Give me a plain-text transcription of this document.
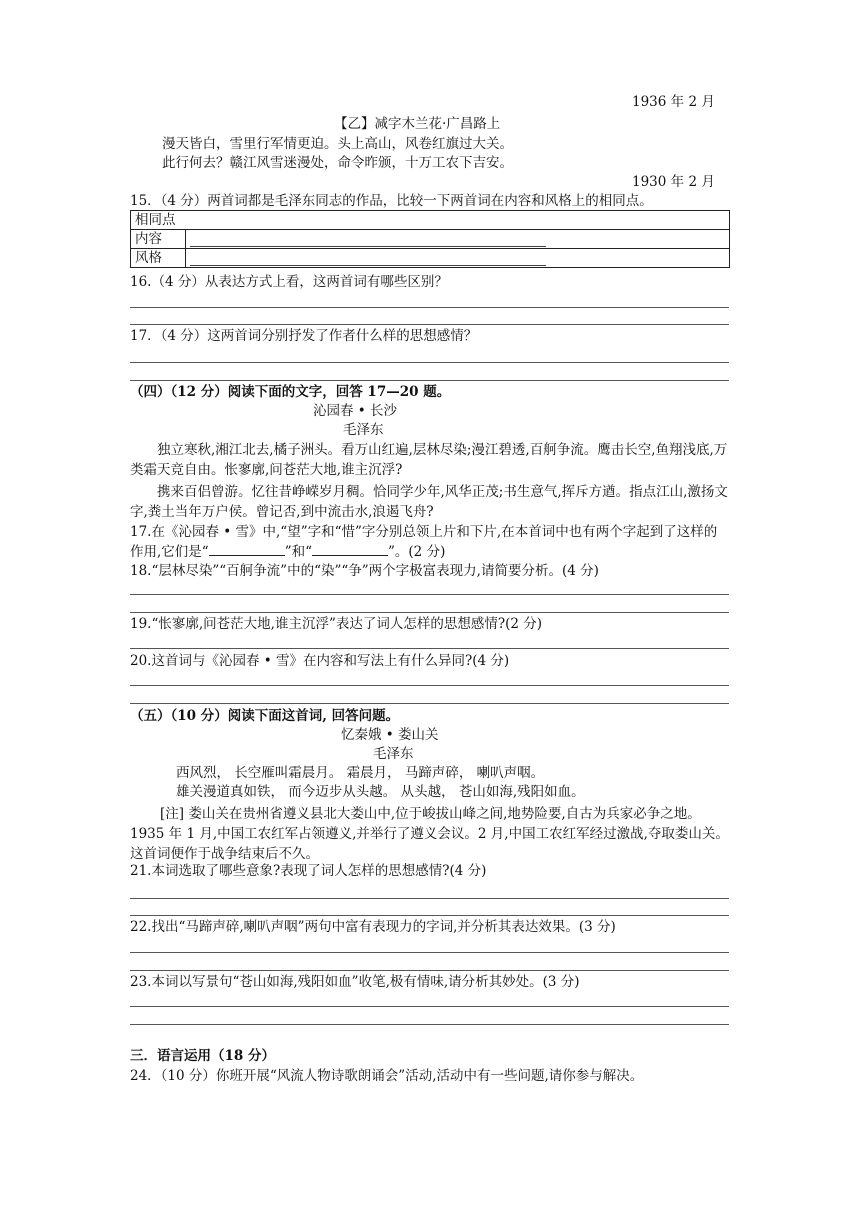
1936 年 2 月
【乙】减字木兰花·广昌路上
漫天皆白，雪里行军情更迫。头上高山，风卷红旗过大关。
此行何去？赣江风雪迷漫处，命令昨颁，十万工农下吉安。
1930 年 2 月
15．（4 分）两首词都是毛泽东同志的作品，比较一下两首词在内容和风格上的相同点。
相同点	
内容	
风格	
16.（4 分）从表达方式上看，这两首词有哪些区别？
17．（4 分）这两首词分别抒发了作者什么样的思想感情？
（四）（12 分）阅读下面的文字，回答 17—20 题。
沁园春 • 长沙
毛泽东
独立寒秋,湘江北去,橘子洲头。看万山红遍,层林尽染;漫江碧透,百舸争流。鹰击长空,鱼翔浅底,万类霜天竞自由。怅寥廓,问苍茫大地,谁主沉浮?
携来百侣曾游。忆往昔峥嵘岁月稠。恰同学少年,风华正茂;书生意气,挥斥方遒。指点江山,激扬文字,粪土当年万户侯。曾记否,到中流击水,浪遏飞舟?
17.在《沁园春 • 雪》中,“望”字和“惜”字分别总领上片和下片,在本首词中也有两个字起到了这样的作用,它们是“	”和“	”。(2 分)
18.“层林尽染”“百舸争流”中的“染”“争”两个字极富表现力,请简要分析。(4 分)
19.“怅寥廓,问苍茫大地,谁主沉浮”表达了词人怎样的思想感情?(2 分)
20.这首词与《沁园春 • 雪》在内容和写法上有什么异同?(4 分)
（五）（10 分）阅读下面这首词, 回答问题。
忆秦娥 • 娄山关
毛泽东
西风烈， 长空雁叫霜晨月。 霜晨月， 马蹄声碎， 喇叭声咽。
雄关漫道真如铁， 而今迈步从头越。 从头越， 苍山如海,残阳如血。
[注] 娄山关在贵州省遵义县北大娄山中,位于峻拔山峰之间,地势险要,自古为兵家必争之地。1935 年 1 月,中国工农红军占领遵义,并举行了遵义会议。2 月,中国工农红军经过激战,夺取娄山关。这首词便作于战争结束后不久。
21.本词选取了哪些意象?表现了词人怎样的思想感情?(4 分)
22.找出“马蹄声碎,喇叭声咽”两句中富有表现力的字词,并分析其表达效果。(3 分)
23.本词以写景句“苍山如海,残阳如血”收笔,极有情味,请分析其妙处。(3 分)
三．语言运用（18 分）
24．（10 分）你班开展“风流人物诗歌朗诵会”活动,活动中有一些问题,请你参与解决。
